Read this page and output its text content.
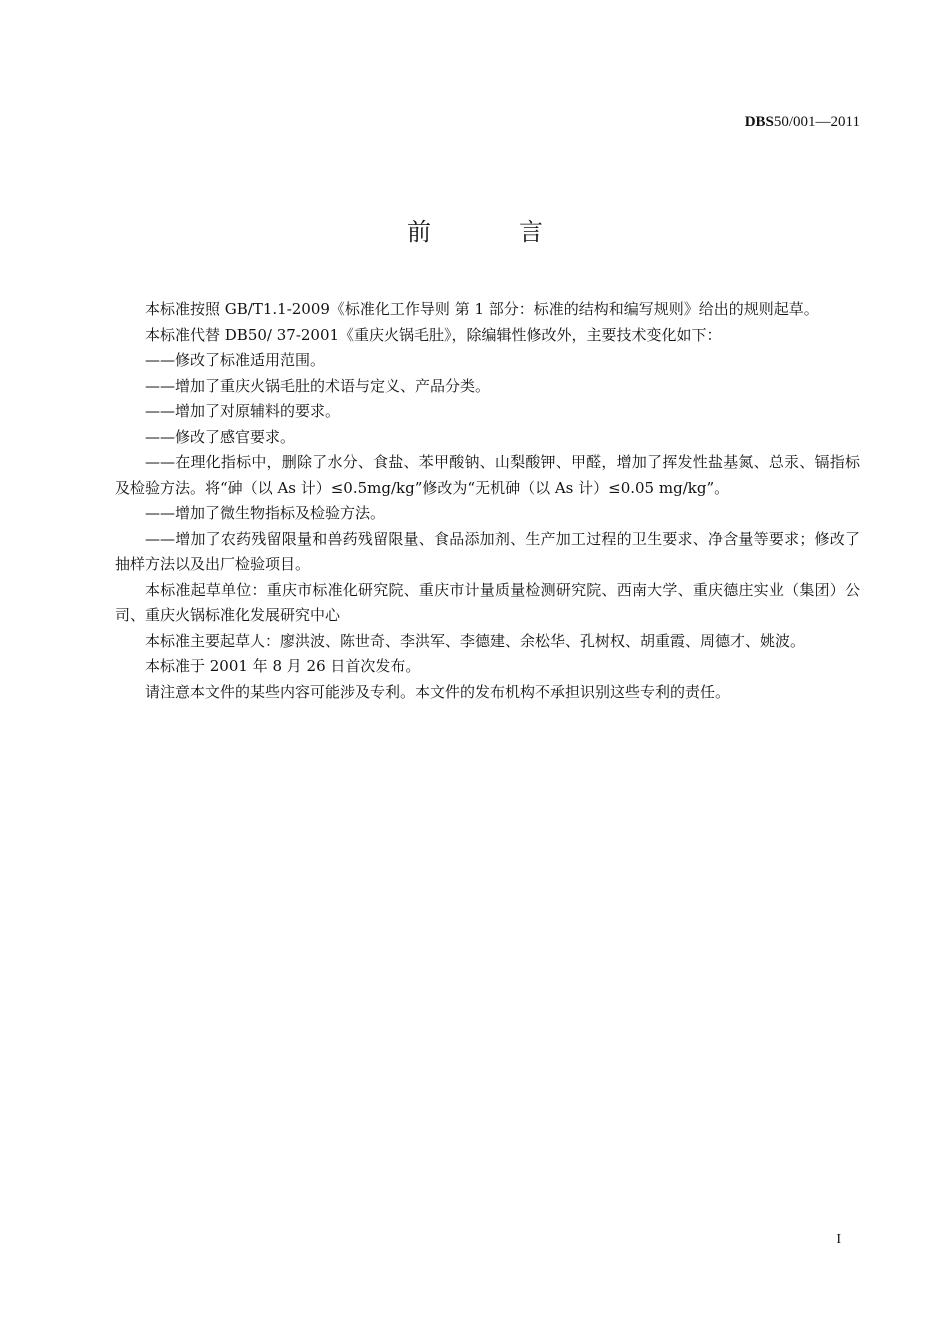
DBS50/001—2011
前	言

本标准按照 GB/T1.1-2009《标准化工作导则 第 1 部分：标准的结构和编写规则》给出的规则起草。

本标准代替 DB50/ 37-2001《重庆火锅毛肚》，除编辑性修改外，主要技术变化如下：

——修改了标准适用范围。

——增加了重庆火锅毛肚的术语与定义、产品分类。

——增加了对原辅料的要求。

——修改了感官要求。

——在理化指标中，删除了水分、食盐、苯甲酸钠、山梨酸钾、甲醛，增加了挥发性盐基氮、总汞、镉指标及检验方法。将“砷（以 As 计）≤0.5mg/kg”修改为“无机砷（以 As 计）≤0.05 mg/kg”。

——增加了微生物指标及检验方法。

——增加了农药残留限量和兽药残留限量、食品添加剂、生产加工过程的卫生要求、净含量等要求；修改了抽样方法以及出厂检验项目。

本标准起草单位：重庆市标准化研究院、重庆市计量质量检测研究院、西南大学、重庆德庄实业（集团）公司、重庆火锅标准化发展研究中心

本标准主要起草人：廖洪波、陈世奇、李洪军、李德建、余松华、孔树权、胡重霞、周德才、姚波。

本标准于 2001 年 8 月 26 日首次发布。

请注意本文件的某些内容可能涉及专利。本文件的发布机构不承担识别这些专利的责任。

I
